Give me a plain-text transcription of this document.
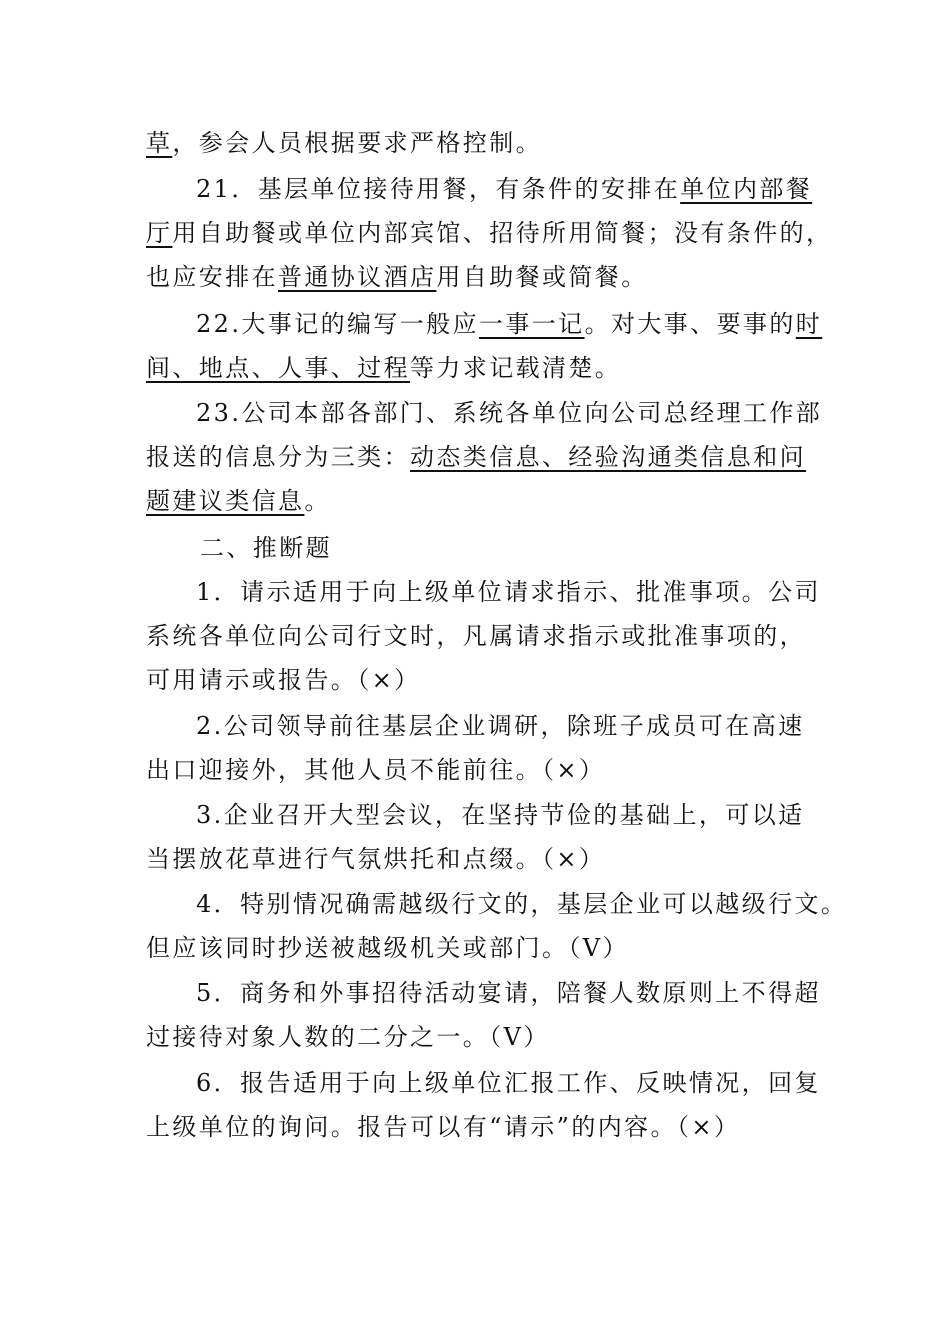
草，参会人员根据要求严格控制。
21．基层单位接待用餐，有条件的安排在单位内部餐
厅用自助餐或单位内部宾馆、招待所用简餐；没有条件的，
也应安排在普通协议酒店用自助餐或简餐。
22.大事记的编写一般应一事一记。对大事、要事的时
间、地点、人事、过程等力求记载清楚。
23.公司本部各部门、系统各单位向公司总经理工作部
报送的信息分为三类：动态类信息、经验沟通类信息和问
题建议类信息。
二、推断题
1．请示适用于向上级单位请求指示、批准事项。公司
系统各单位向公司行文时，凡属请求指示或批准事项的，
可用请示或报告。（×）
2.公司领导前往基层企业调研，除班子成员可在高速
出口迎接外，其他人员不能前往。（×）
3.企业召开大型会议，在坚持节俭的基础上，可以适
当摆放花草进行气氛烘托和点缀。（×）
4．特别情况确需越级行文的，基层企业可以越级行文。
但应该同时抄送被越级机关或部门。（V）
5．商务和外事招待活动宴请，陪餐人数原则上不得超
过接待对象人数的二分之一。（V）
6．报告适用于向上级单位汇报工作、反映情况，回复
上级单位的询问。报告可以有“请示”的内容。（×）
